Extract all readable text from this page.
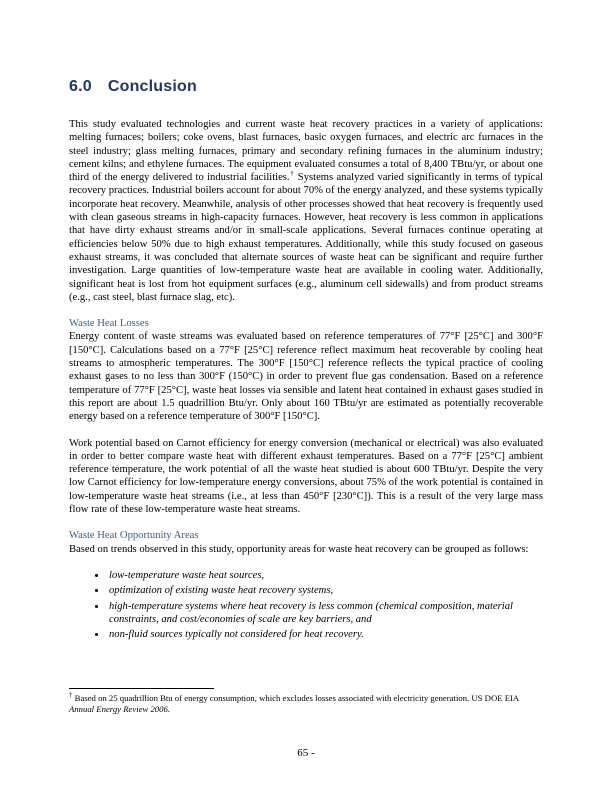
6.0 Conclusion

This study evaluated technologies and current waste heat recovery practices in a variety of applications: melting furnaces; boilers; coke ovens, blast furnaces, basic oxygen furnaces, and electric arc furnaces in the steel industry; glass melting furnaces, primary and secondary refining furnaces in the aluminum industry; cement kilns; and ethylene furnaces. The equipment evaluated consumes a total of 8,400 TBtu/yr, or about one third of the energy delivered to industrial facilities.† Systems analyzed varied significantly in terms of typical recovery practices. Industrial boilers account for about 70% of the energy analyzed, and these systems typically incorporate heat recovery. Meanwhile, analysis of other processes showed that heat recovery is frequently used with clean gaseous streams in high-capacity furnaces. However, heat recovery is less common in applications that have dirty exhaust streams and/or in small-scale applications. Several furnaces continue operating at efficiencies below 50% due to high exhaust temperatures. Additionally, while this study focused on gaseous exhaust streams, it was concluded that alternate sources of waste heat can be significant and require further investigation. Large quantities of low-temperature waste heat are available in cooling water. Additionally, significant heat is lost from hot equipment surfaces (e.g., aluminum cell sidewalls) and from product streams (e.g., cast steel, blast furnace slag, etc).

Waste Heat Losses

Energy content of waste streams was evaluated based on reference temperatures of 77°F [25°C] and 300°F [150°C]. Calculations based on a 77°F [25°C] reference reflect maximum heat recoverable by cooling heat streams to atmospheric temperatures. The 300°F [150°C] reference reflects the typical practice of cooling exhaust gases to no less than 300°F (150°C) in order to prevent flue gas condensation. Based on a reference temperature of 77°F [25°C], waste heat losses via sensible and latent heat contained in exhaust gases studied in this report are about 1.5 quadrillion Btu/yr. Only about 160 TBtu/yr are estimated as potentially recoverable energy based on a reference temperature of 300°F [150°C].

Work potential based on Carnot efficiency for energy conversion (mechanical or electrical) was also evaluated in order to better compare waste heat with different exhaust temperatures. Based on a 77°F [25°C] ambient reference temperature, the work potential of all the waste heat studied is about 600 TBtu/yr. Despite the very low Carnot efficiency for low-temperature energy conversions, about 75% of the work potential is contained in low-temperature waste heat streams (i.e., at less than 450°F [230°C]). This is a result of the very large mass flow rate of these low-temperature waste heat streams.

Waste Heat Opportunity Areas

Based on trends observed in this study, opportunity areas for waste heat recovery can be grouped as follows:

• low-temperature waste heat sources,
• optimization of existing waste heat recovery systems,
• high-temperature systems where heat recovery is less common (chemical composition, material constraints, and cost/economies of scale are key barriers, and
• non-fluid sources typically not considered for heat recovery.

† Based on 25 quadrillion Btu of energy consumption, which excludes losses associated with electricity generation. US DOE EIA Annual Energy Review 2006.

65 -
